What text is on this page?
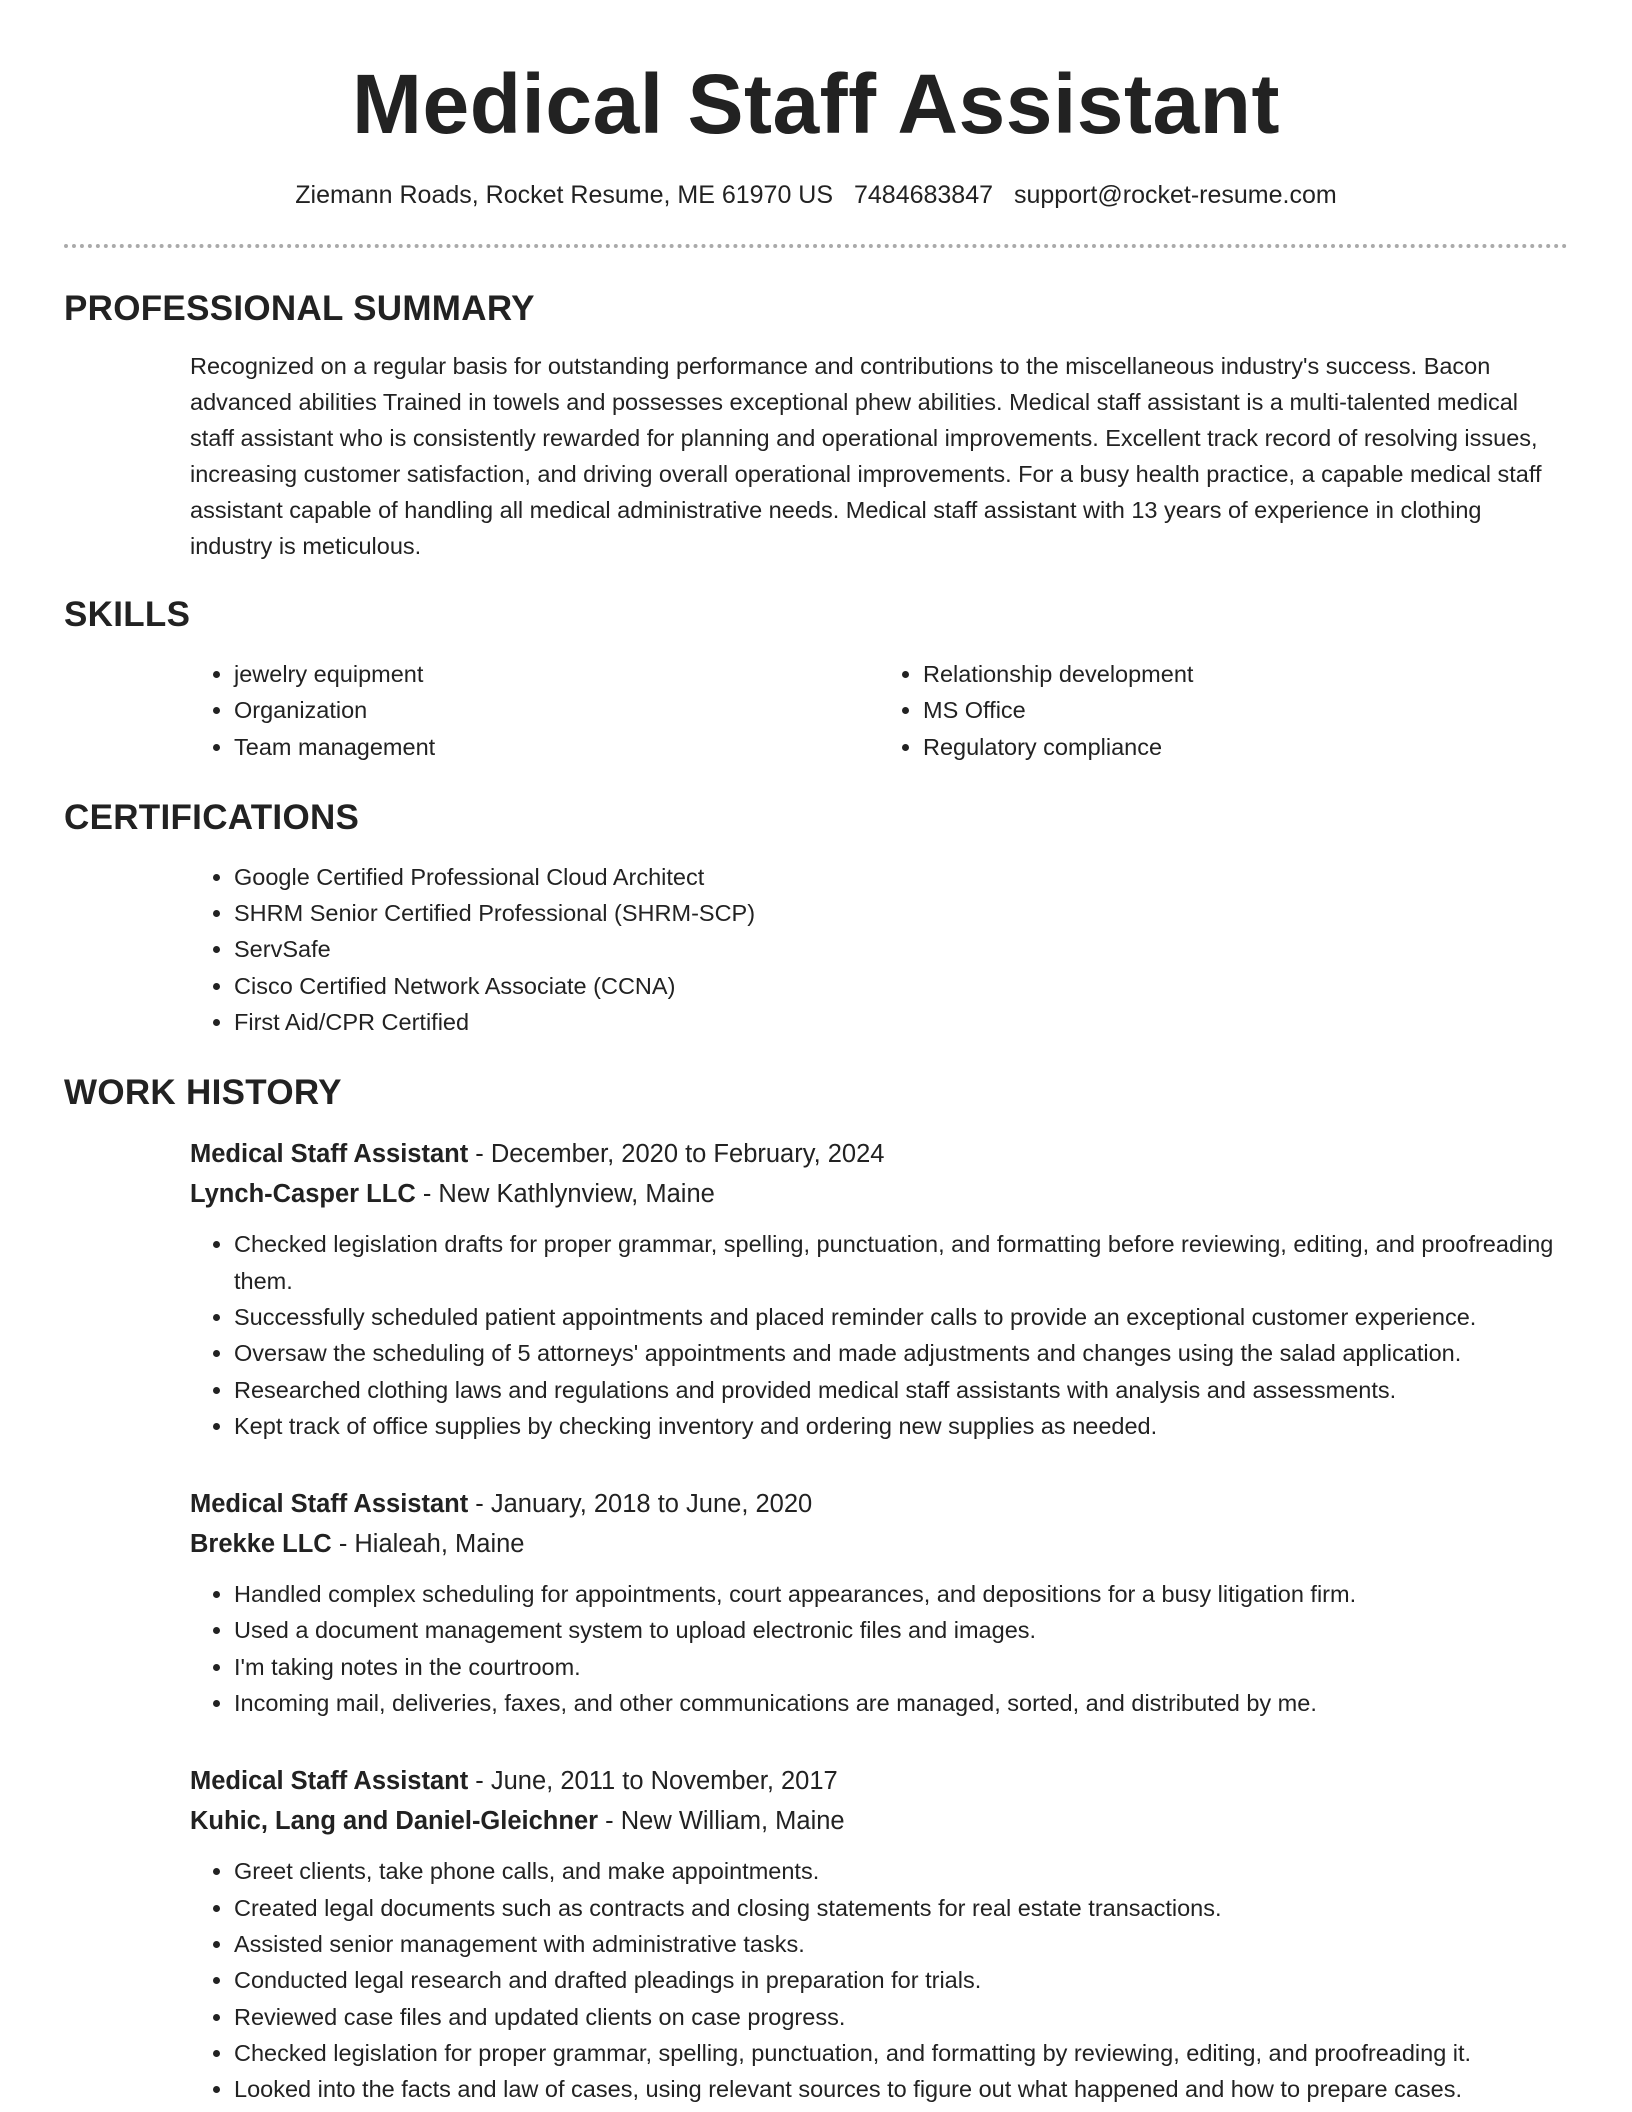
Medical Staff Assistant
Ziemann Roads, Rocket Resume, ME 61970 US 7484683847 support@rocket-resume.com
PROFESSIONAL SUMMARY

Recognized on a regular basis for outstanding performance and contributions to the miscellaneous industry's success. Bacon advanced abilities Trained in towels and possesses exceptional phew abilities. Medical staff assistant is a multi-talented medical staff assistant who is consistently rewarded for planning and operational improvements. Excellent track record of resolving issues, increasing customer satisfaction, and driving overall operational improvements. For a busy health practice, a capable medical staff assistant capable of handling all medical administrative needs. Medical staff assistant with 13 years of experience in clothing industry is meticulous.

SKILLS
• jewelry equipment
• Organization
• Team management
• Relationship development
• MS Office
• Regulatory compliance
CERTIFICATIONS
• Google Certified Professional Cloud Architect
• SHRM Senior Certified Professional (SHRM-SCP)
• ServSafe
• Cisco Certified Network Associate (CCNA)
• First Aid/CPR Certified
WORK HISTORY
Medical Staff Assistant - December, 2020 to February, 2024
Lynch-Casper LLC - New Kathlynview, Maine
• Checked legislation drafts for proper grammar, spelling, punctuation, and formatting before reviewing, editing, and proofreading them.
• Successfully scheduled patient appointments and placed reminder calls to provide an exceptional customer experience.
• Oversaw the scheduling of 5 attorneys' appointments and made adjustments and changes using the salad application.
• Researched clothing laws and regulations and provided medical staff assistants with analysis and assessments.
• Kept track of office supplies by checking inventory and ordering new supplies as needed.
Medical Staff Assistant - January, 2018 to June, 2020
Brekke LLC - Hialeah, Maine
• Handled complex scheduling for appointments, court appearances, and depositions for a busy litigation firm.
• Used a document management system to upload electronic files and images.
• I'm taking notes in the courtroom.
• Incoming mail, deliveries, faxes, and other communications are managed, sorted, and distributed by me.
Medical Staff Assistant - June, 2011 to November, 2017
Kuhic, Lang and Daniel-Gleichner - New William, Maine
• Greet clients, take phone calls, and make appointments.
• Created legal documents such as contracts and closing statements for real estate transactions.
• Assisted senior management with administrative tasks.
• Conducted legal research and drafted pleadings in preparation for trials.
• Reviewed case files and updated clients on case progress.
• Checked legislation for proper grammar, spelling, punctuation, and formatting by reviewing, editing, and proofreading it.
• Looked into the facts and law of cases, using relevant sources to figure out what happened and how to prepare cases.
